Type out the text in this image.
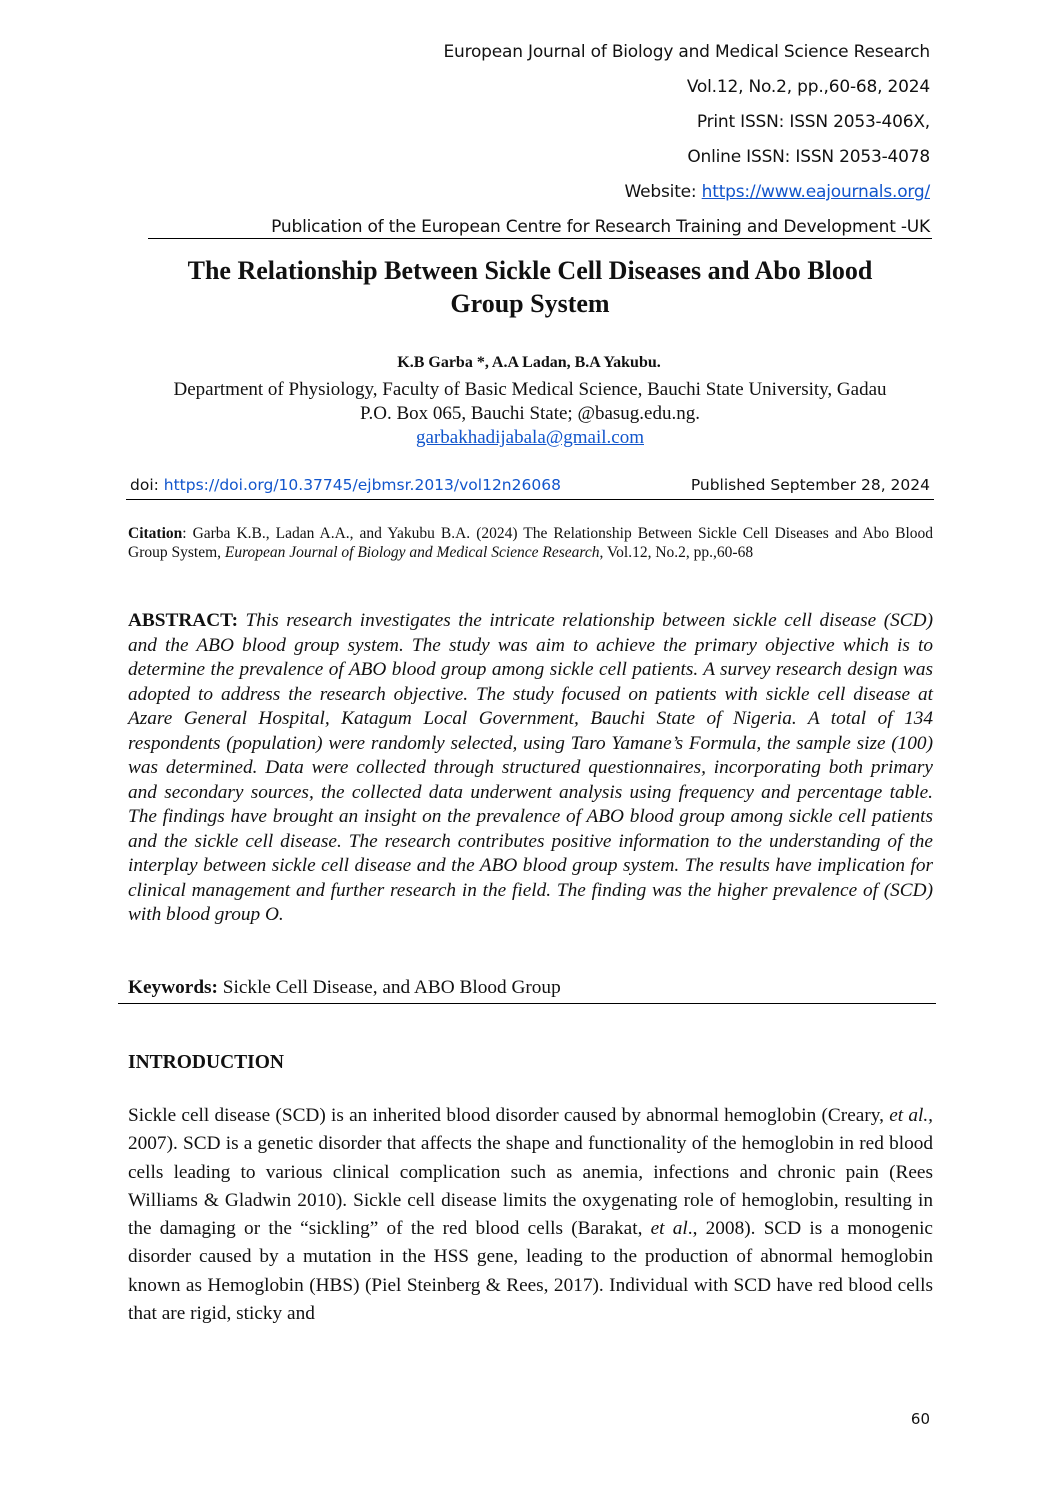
European Journal of Biology and Medical Science Research
Vol.12, No.2, pp.,60-68, 2024
Print ISSN: ISSN 2053-406X,
Online ISSN: ISSN 2053-4078
Website: https://www.eajournals.org/
Publication of the European Centre for Research Training and Development -UK
The Relationship Between Sickle Cell Diseases and Abo Blood
Group System
K.B Garba *, A.A Ladan, B.A Yakubu.
Department of Physiology, Faculty of Basic Medical Science, Bauchi State University, Gadau
P.O. Box 065, Bauchi State; @basug.edu.ng.
garbakhadijabala@gmail.com
doi: https://doi.org/10.37745/ejbmsr.2013/vol12n26068	Published September 28, 2024
Citation: Garba K.B., Ladan A.A., and Yakubu B.A. (2024) The Relationship Between Sickle Cell Diseases and Abo Blood Group System, European Journal of Biology and Medical Science Research, Vol.12, No.2, pp.,60-68
ABSTRACT: This research investigates the intricate relationship between sickle cell disease (SCD) and the ABO blood group system. The study was aim to achieve the primary objective which is to determine the prevalence of ABO blood group among sickle cell patients. A survey research design was adopted to address the research objective. The study focused on patients with sickle cell disease at Azare General Hospital, Katagum Local Government, Bauchi State of Nigeria. A total of 134 respondents (population) were randomly selected, using Taro Yamane’s Formula, the sample size (100) was determined. Data were collected through structured questionnaires, incorporating both primary and secondary sources, the collected data underwent analysis using frequency and percentage table. The findings have brought an insight on the prevalence of ABO blood group among sickle cell patients and the sickle cell disease. The research contributes positive information to the understanding of the interplay between sickle cell disease and the ABO blood group system. The results have implication for clinical management and further research in the field. The finding was the higher prevalence of (SCD) with blood group O.
Keywords: Sickle Cell Disease, and ABO Blood Group
INTRODUCTION
Sickle cell disease (SCD) is an inherited blood disorder caused by abnormal hemoglobin (Creary, et al., 2007). SCD is a genetic disorder that affects the shape and functionality of the hemoglobin in red blood cells leading to various clinical complication such as anemia, infections and chronic pain (Rees Williams & Gladwin 2010). Sickle cell disease limits the oxygenating role of hemoglobin, resulting in the damaging or the “sickling” of the red blood cells (Barakat, et al., 2008). SCD is a monogenic disorder caused by a mutation in the HSS gene, leading to the production of abnormal hemoglobin known as Hemoglobin (HBS) (Piel Steinberg & Rees, 2017). Individual with SCD have red blood cells that are rigid, sticky and
60
